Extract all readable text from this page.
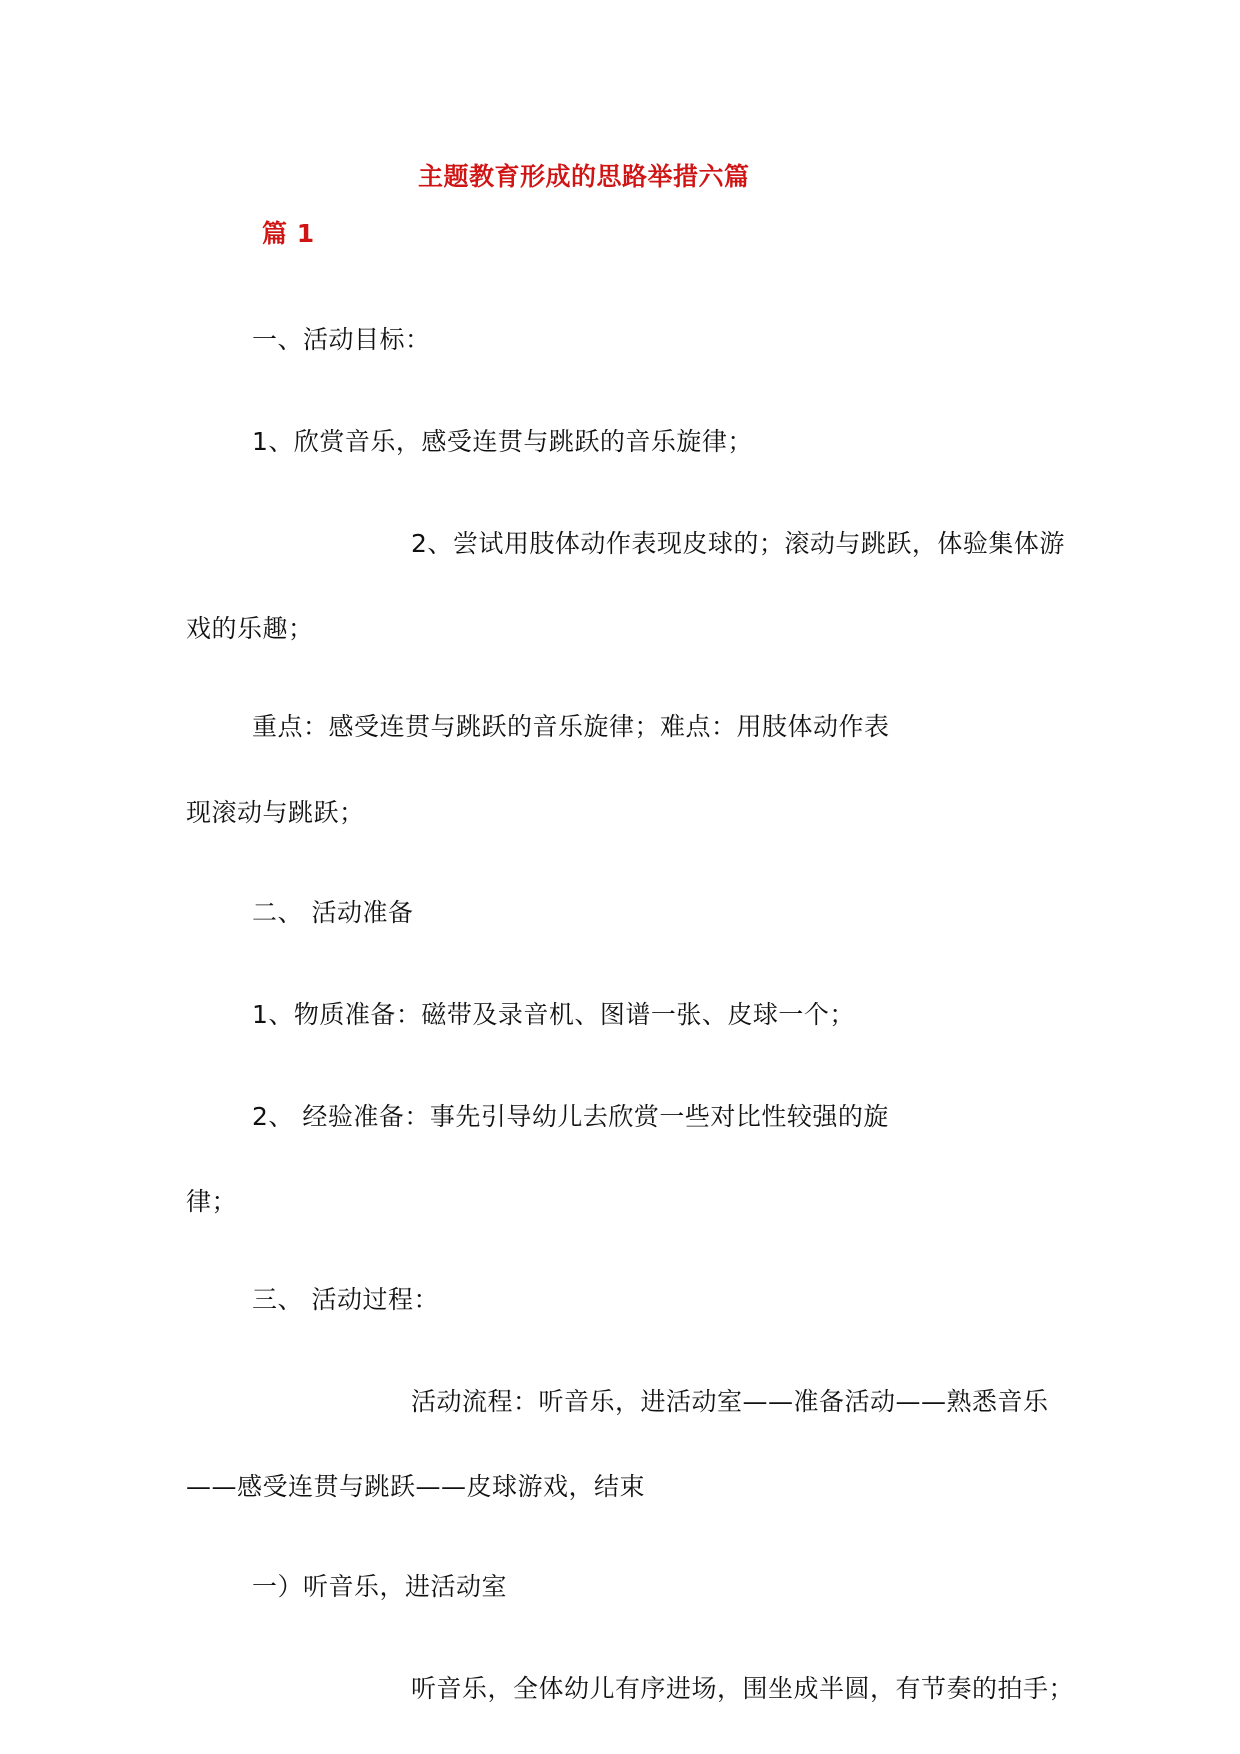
主题教育形成的思路举措六篇
篇 1
一、活动目标：
1、欣赏音乐，感受连贯与跳跃的音乐旋律；
2、尝试用肢体动作表现皮球的；滚动与跳跃，体验集体游
戏的乐趣；
重点：感受连贯与跳跃的音乐旋律；难点：用肢体动作表
现滚动与跳跃；
二、 活动准备
1、物质准备：磁带及录音机、图谱一张、皮球一个；
2、 经验准备：事先引导幼儿去欣赏一些对比性较强的旋
律；
三、 活动过程：
活动流程：听音乐，进活动室——准备活动——熟悉音乐
——感受连贯与跳跃——皮球游戏，结束
一）听音乐，进活动室
听音乐，全体幼儿有序进场，围坐成半圆，有节奏的拍手；
